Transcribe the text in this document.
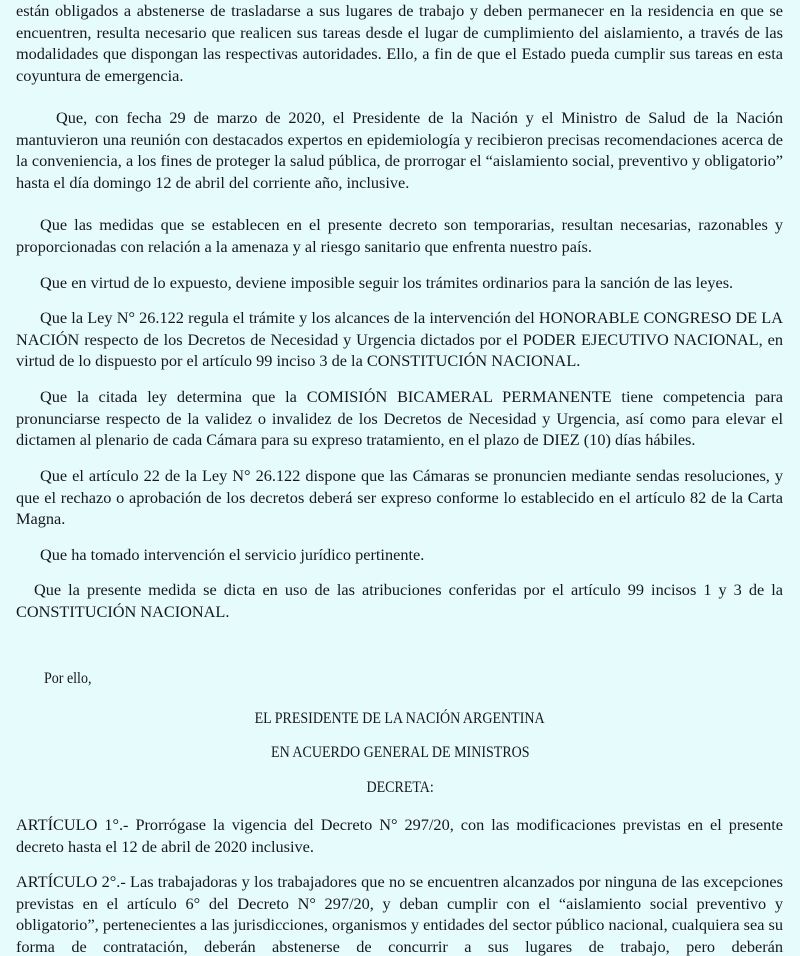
están obligados a abstenerse de trasladarse a sus lugares de trabajo y deben permanecer en la residencia en que se encuentren, resulta necesario que realicen sus tareas desde el lugar de cumplimiento del aislamiento, a través de las modalidades que dispongan las respectivas autoridades. Ello, a fin de que el Estado pueda cumplir sus tareas en esta coyuntura de emergencia.

Que, con fecha 29 de marzo de 2020, el Presidente de la Nación y el Ministro de Salud de la Nación mantuvieron una reunión con destacados expertos en epidemiología y recibieron precisas recomendaciones acerca de la conveniencia, a los fines de proteger la salud pública, de prorrogar el “aislamiento social, preventivo y obligatorio” hasta el día domingo 12 de abril del corriente año, inclusive.

Que las medidas que se establecen en el presente decreto son temporarias, resultan necesarias, razonables y proporcionadas con relación a la amenaza y al riesgo sanitario que enfrenta nuestro país.

Que en virtud de lo expuesto, deviene imposible seguir los trámites ordinarios para la sanción de las leyes.

Que la Ley N° 26.122 regula el trámite y los alcances de la intervención del HONORABLE CONGRESO DE LA NACIÓN respecto de los Decretos de Necesidad y Urgencia dictados por el PODER EJECUTIVO NACIONAL, en virtud de lo dispuesto por el artículo 99 inciso 3 de la CONSTITUCIÓN NACIONAL.

Que la citada ley determina que la COMISIÓN BICAMERAL PERMANENTE tiene competencia para pronunciarse respecto de la validez o invalidez de los Decretos de Necesidad y Urgencia, así como para elevar el dictamen al plenario de cada Cámara para su expreso tratamiento, en el plazo de DIEZ (10) días hábiles.

Que el artículo 22 de la Ley N° 26.122 dispone que las Cámaras se pronuncien mediante sendas resoluciones, y que el rechazo o aprobación de los decretos deberá ser expreso conforme lo establecido en el artículo 82 de la Carta Magna.

Que ha tomado intervención el servicio jurídico pertinente.

Que la presente medida se dicta en uso de las atribuciones conferidas por el artículo 99 incisos 1 y 3 de la CONSTITUCIÓN NACIONAL.

Por ello,
EL PRESIDENTE DE LA NACIÓN ARGENTINA
EN ACUERDO GENERAL DE MINISTROS
DECRETA:

ARTÍCULO 1°.- Prorrógase la vigencia del Decreto N° 297/20, con las modificaciones previstas en el presente decreto hasta el 12 de abril de 2020 inclusive.

ARTÍCULO 2°.- Las trabajadoras y los trabajadores que no se encuentren alcanzados por ninguna de las excepciones previstas en el artículo 6° del Decreto N° 297/20, y deban cumplir con el “aislamiento social preventivo y obligatorio”, pertenecientes a las jurisdicciones, organismos y entidades del sector público nacional, cualquiera sea su forma de contratación, deberán abstenerse de concurrir a sus lugares de trabajo, pero deberán
